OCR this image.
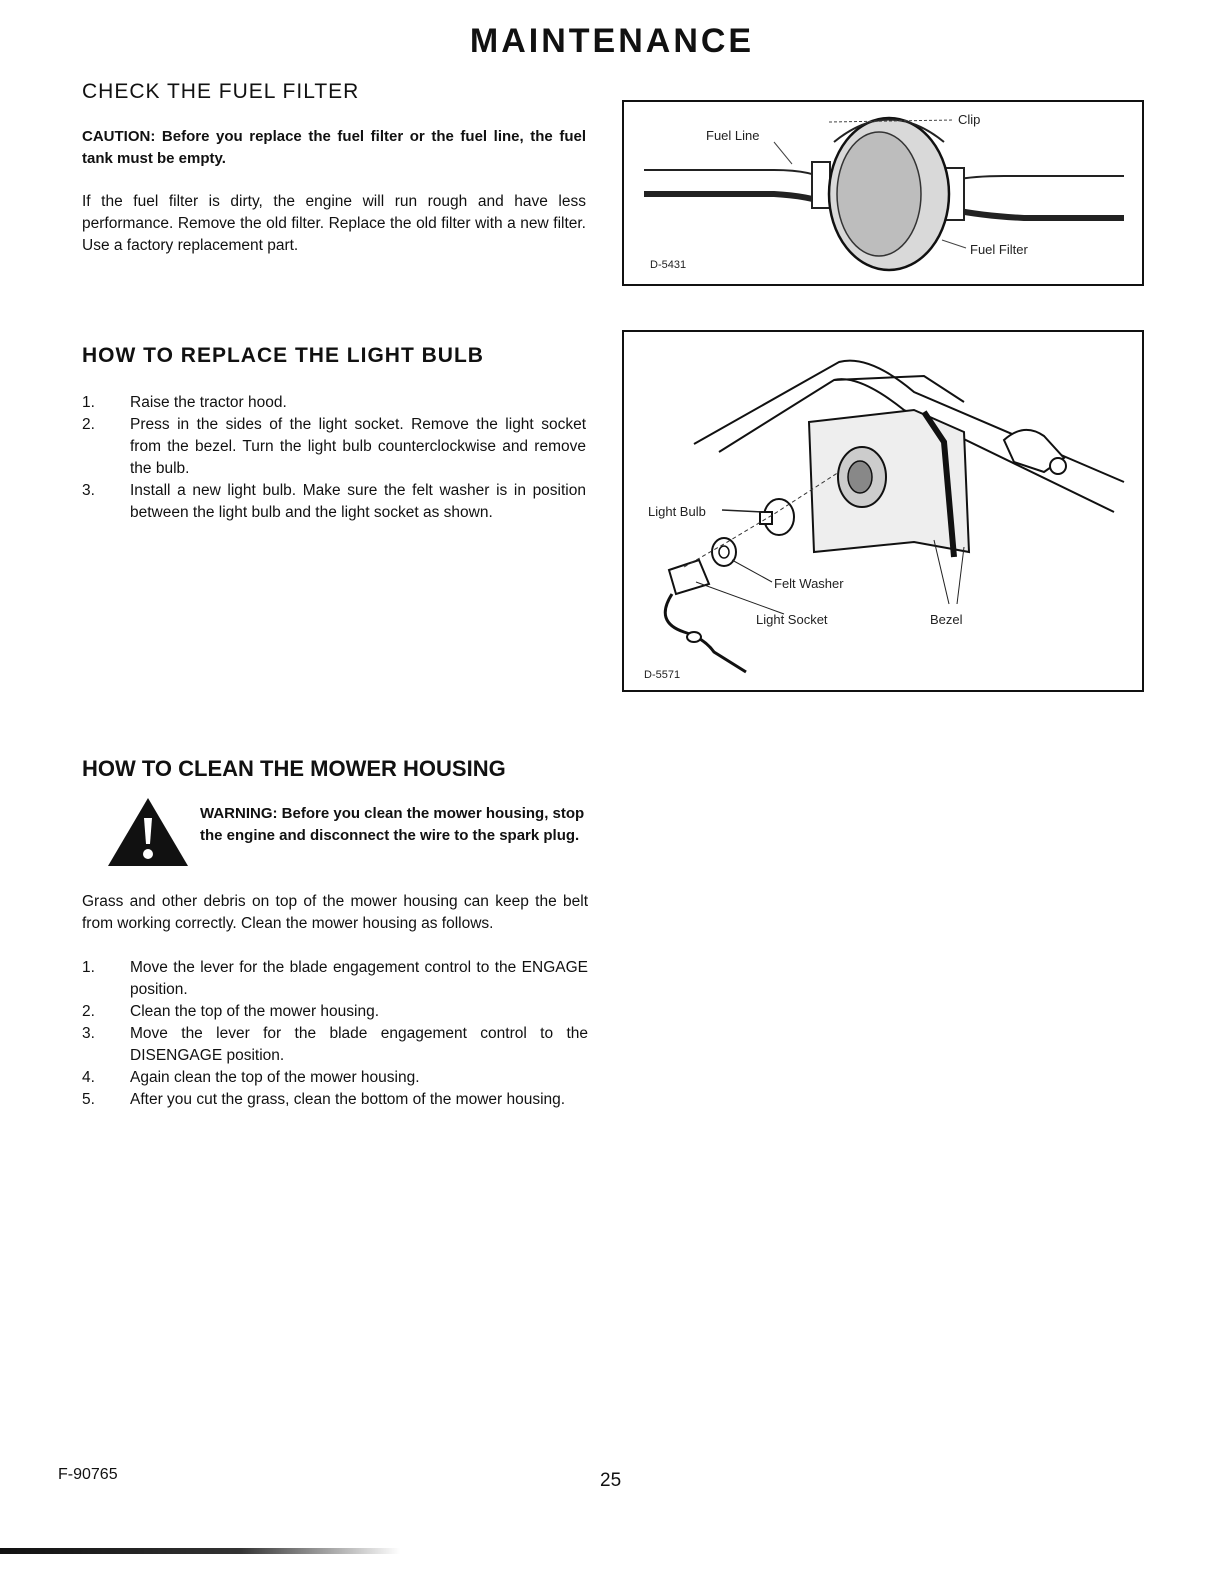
MAINTENANCE
CHECK THE FUEL FILTER
CAUTION: Before you replace the fuel filter or the fuel line, the fuel tank must be empty.
If the fuel filter is dirty, the engine will run rough and have less performance. Remove the old filter. Replace the old filter with a new filter. Use a factory replacement part.
Fuel Line
Clip
Fuel Filter
D-5431
HOW TO REPLACE THE LIGHT BULB
1. Raise the tractor hood.
2. Press in the sides of the light socket. Remove the light socket from the bezel. Turn the light bulb counterclockwise and remove the bulb.
3. Install a new light bulb. Make sure the felt washer is in position between the light bulb and the light socket as shown.	Light Bulb
Felt Washer
Light Socket	Bezel
D-5571
HOW TO CLEAN THE MOWER HOUSING
WARNING: Before you clean the mower housing, stop the engine and disconnect the wire to the spark plug.
Grass and other debris on top of the mower housing can keep the belt from working correctly. Clean the mower housing as follows.
1. Move the lever for the blade engagement control to the ENGAGE position.
2. Clean the top of the mower housing.
3. Move the lever for the blade engagement control to the DISENGAGE position.
4. Again clean the top of the mower housing.
5. After you cut the grass, clean the bottom of the mower housing.
F-90765	25
